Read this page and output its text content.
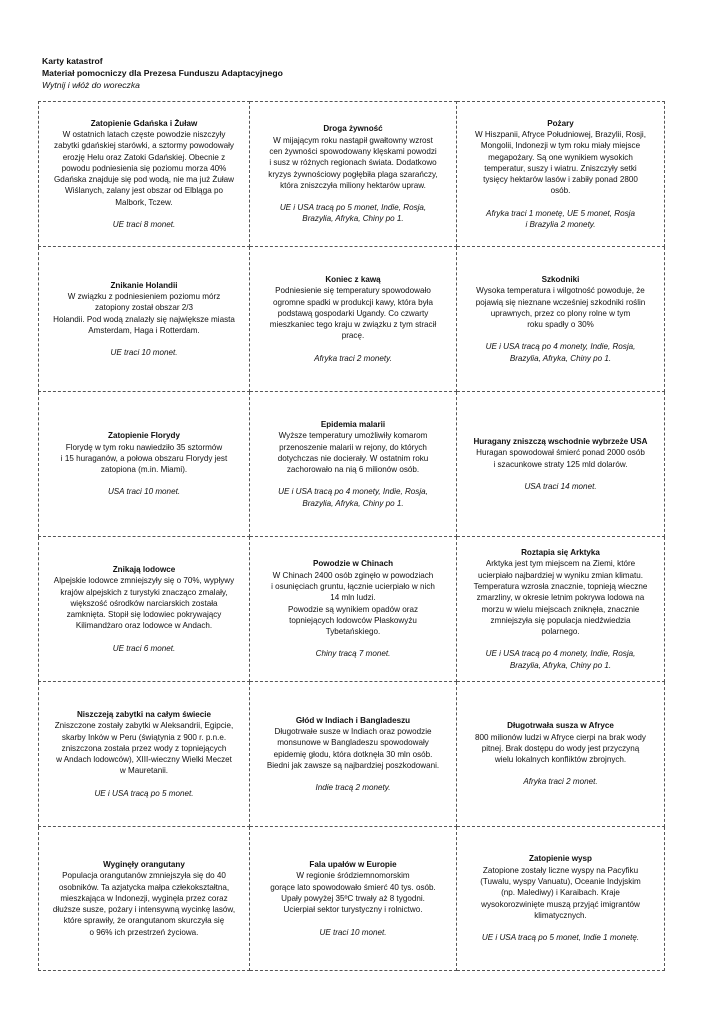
Karty katastrof
Materiał pomocniczy dla Prezesa Funduszu Adaptacyjnego
Wytnij i włóż do woreczka
Zatopienie Gdańska i Żuław
W ostatnich latach częste powodzie niszczyły
zabytki gdańskiej starówki, a sztormy powodowały
erozję Helu oraz Zatoki Gdańskiej. Obecnie z
powodu podniesienia się poziomu morza 40%
Gdańska znajduje się pod wodą, nie ma już Żuław
Wiślanych, zalany jest obszar od Elbląga po
Malbork, Tczew.
UE traci 8 monet.
Droga żywność
W mijającym roku nastąpił gwałtowny wzrost
cen żywności spowodowany klęskami powodzi
i susz w różnych regionach świata. Dodatkowo
kryzys żywnościowy pogłębiła plaga szarańczy,
która zniszczyła miliony hektarów upraw.
UE i USA tracą po 5 monet, Indie, Rosja,
Brazylia, Afryka, Chiny po 1.
Pożary
W Hiszpanii, Afryce Południowej, Brazylii, Rosji,
Mongolii, Indonezji w tym roku miały miejsce
megapożary. Są one wynikiem wysokich
temperatur, suszy i wiatru. Zniszczyły setki
tysięcy hektarów lasów i zabiły ponad 2800
osób.
Afryka traci 1 monetę, UE 5 monet, Rosja
i Brazylia 2 monety.
Znikanie Holandii
W związku z podniesieniem poziomu mórz
zatopiony został obszar 2/3
Holandii. Pod wodą znalazły się największe miasta
Amsterdam, Haga i Rotterdam.
UE traci 10 monet.
Koniec z kawą
Podniesienie się temperatury spowodowało
ogromne spadki w produkcji kawy, która była
podstawą gospodarki Ugandy. Co czwarty
mieszkaniec tego kraju w związku z tym stracił
pracę.
Afryka traci 2 monety.
Szkodniki
Wysoka temperatura i wilgotność powoduje, że
pojawią się nieznane wcześniej szkodniki roślin
uprawnych, przez co plony rolne w tym
roku spadły o 30%
UE i USA tracą po 4 monety, Indie, Rosja,
Brazylia, Afryka, Chiny po 1.
Zatopienie Florydy
Florydę w tym roku nawiedziło 35 sztormów
i 15 huraganów, a połowa obszaru Florydy jest
zatopiona (m.in. Miami).
USA traci 10 monet.
Epidemia malarii
Wyższe temperatury umożliwiły komarom
przenoszenie malarii w rejony, do których
dotychczas nie docierały. W ostatnim roku
zachorowało na nią 6 milionów osób.
UE i USA tracą po 4 monety, Indie, Rosja,
Brazylia, Afryka, Chiny po 1.
Huragany zniszczą wschodnie wybrzeże USA
Huragan spowodował śmierć ponad 2000 osób
i szacunkowe straty 125 mld dolarów.
USA traci 14 monet.
Znikają lodowce
Alpejskie lodowce zmniejszyły się o 70%, wypływy
krajów alpejskich z turystyki znacząco zmalały,
większość ośrodków narciarskich została
zamknięta. Stopił się lodowiec pokrywający
Kilimandżaro oraz lodowce w Andach.
UE traci 6 monet.
Powodzie w Chinach
W Chinach 2400 osób zginęło w powodziach
i osunięciach gruntu, łącznie ucierpiało w nich
14 mln ludzi.
Powodzie są wynikiem opadów oraz
topniejących lodowców Płaskowyżu
Tybetańskiego.
Chiny tracą 7 monet.
Roztapia się Arktyka
Arktyka jest tym miejscem na Ziemi, które
ucierpiało najbardziej w wyniku zmian klimatu.
Temperatura wzrosła znacznie, topnieją wieczne
zmarzliny, w okresie letnim pokrywa lodowa na
morzu w wielu miejscach zniknęła, znacznie
zmniejszyła się populacja niedźwiedzia
polarnego.
UE i USA tracą po 4 monety, Indie, Rosja,
Brazylia, Afryka, Chiny po 1.
Niszczeją zabytki na całym świecie
Zniszczone zostały zabytki w Aleksandrii, Egipcie,
skarby Inków w Peru (świątynia z 900 r. p.n.e.
zniszczona została przez wody z topniejących
w Andach lodowców), XIII-wieczny Wielki Meczet
w Mauretanii.
UE i USA tracą po 5 monet.
Głód w Indiach i Bangladeszu
Długotrwałe susze w Indiach oraz powodzie
monsunowe w Bangladeszu spowodowały
epidemię głodu, która dotknęła 30 mln osób.
Biedni jak zawsze są najbardziej poszkodowani.
Indie tracą 2 monety.
Długotrwała susza w Afryce
800 milionów ludzi w Afryce cierpi na brak wody
pitnej. Brak dostępu do wody jest przyczyną
wielu lokalnych konfliktów zbrojnych.
Afryka traci 2 monet.
Wyginęły orangutany
Populacja orangutanów zmniejszyła się do 40
osobników. Ta azjatycka małpa człekokształtna,
mieszkająca w Indonezji, wyginęła przez coraz
dłuższe susze, pożary i intensywną wycinkę lasów,
które sprawiły, że orangutanom skurczyła się
o 96% ich przestrzeń życiowa.
Fala upałów w Europie
W regionie śródziemnomorskim
gorące lato spowodowało śmierć 40 tys. osób.
Upały powyżej 35ºC trwały aż 8 tygodni.
Ucierpiał sektor turystyczny i rolnictwo.
UE traci 10 monet.
Zatopienie wysp
Zatopione zostały liczne wyspy na Pacyfiku
(Tuwalu, wyspy Vanuatu), Oceanie Indyjskim
(np. Malediwy) i Karaibach. Kraje
wysokorozwinięte muszą przyjąć imigrantów
klimatycznych.
UE i USA tracą po 5 monet, Indie 1 monetę.
